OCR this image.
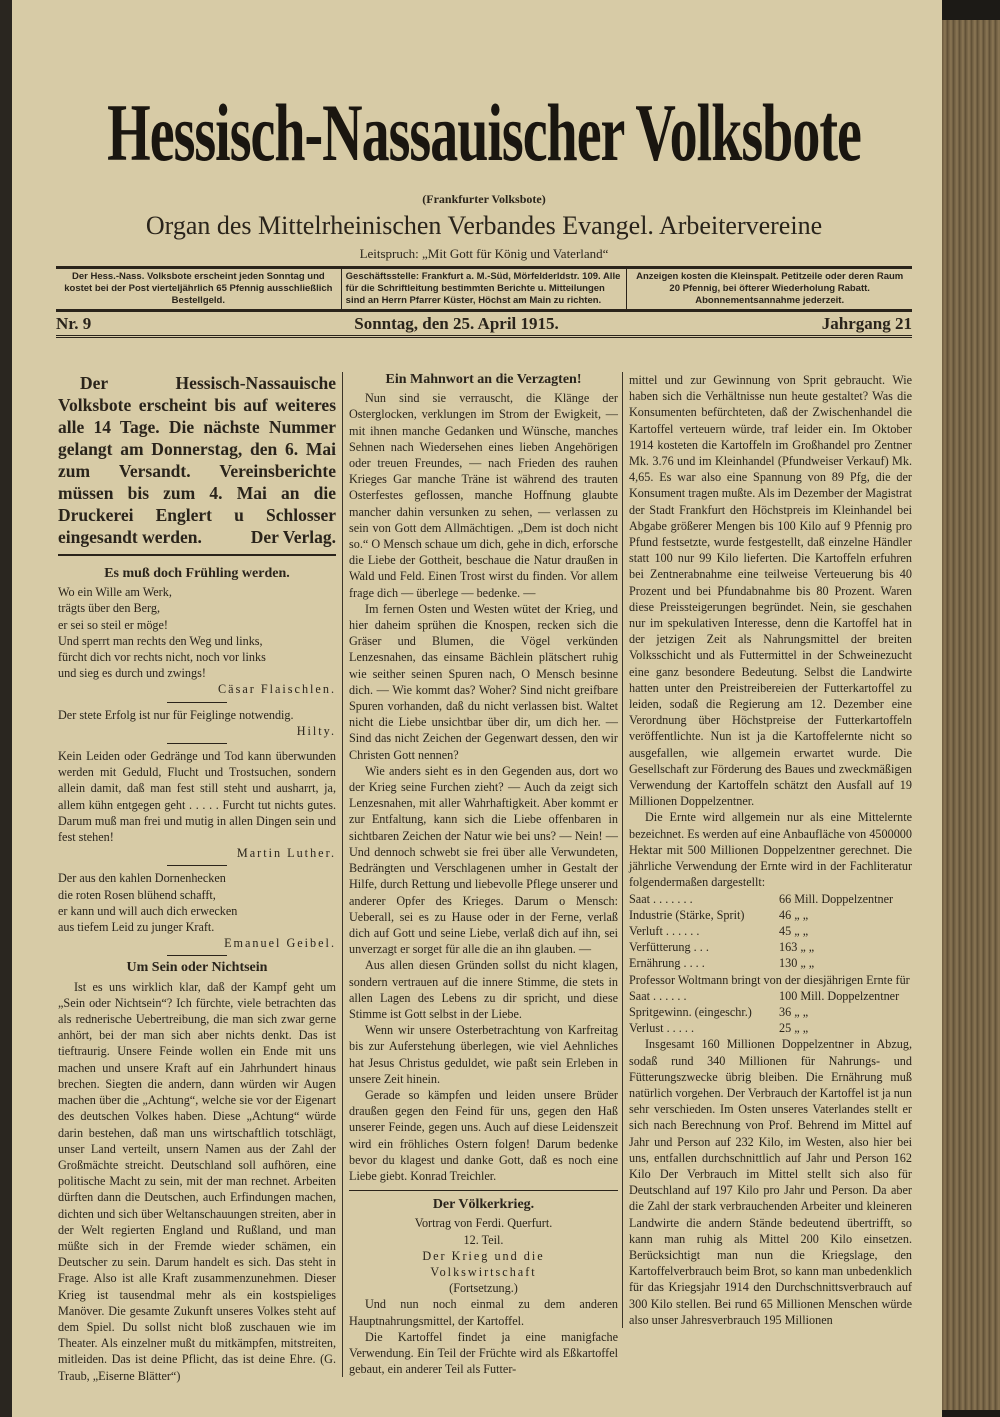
Hessisch-Nassauischer Volksbote
(Frankfurter Volksbote)
Organ des Mittelrheinischen Verbandes Evangel. Arbeitervereine
Leitspruch: „Mit Gott für König und Vaterland“
Der Hess.-Nass. Volksbote erscheint jeden Sonntag und kostet bei der Post vierteljährlich 65 Pfennig ausschließlich Bestellgeld.
Geschäftsstelle: Frankfurt a. M.-Süd, Mörfelderldstr. 109. Alle für die Schriftleitung bestimmten Berichte u. Mitteilungen sind an Herrn Pfarrer Küster, Höchst am Main zu richten.
Anzeigen kosten die Kleinspalt. Petitzeile oder deren Raum 20 Pfennig, bei öfterer Wiederholung Rabatt. Abonnementsannahme jederzeit.
Nr. 9	Sonntag, den 25. April 1915.	Jahrgang 21
Der Hessisch-Nassauische Volksbote erscheint bis auf weiteres alle 14 Tage. Die nächste Nummer gelangt am Donnerstag, den 6. Mai zum Versandt. Vereinsberichte müssen bis zum 4. Mai an die Druckerei Englert u Schlosser eingesandt werden.	Der Verlag.
Es muß doch Frühling werden.
Wo ein Wille am Werk,
trägts über den Berg,
er sei so steil er möge!
Und sperrt man rechts den Weg und links,
fürcht dich vor rechts nicht, noch vor links
und sieg es durch und zwings!
Cäsar Flaischlen.
Der stete Erfolg ist nur für Feiglinge notwendig.
Hilty.
Kein Leiden oder Gedränge und Tod kann überwunden werden mit Geduld, Flucht und Trostsuchen, sondern allein damit, daß man fest still steht und ausharrt, ja, allem kühn entgegen geht . . . . . Furcht tut nichts gutes. Darum muß man frei und mutig in allen Dingen sein und fest stehen!
Martin Luther.
Der aus den kahlen Dornenhecken
die roten Rosen blühend schafft,
er kann und will auch dich erwecken
aus tiefem Leid zu junger Kraft.
Emanuel Geibel.
Um Sein oder Nichtsein

Ist es uns wirklich klar, daß der Kampf geht um „Sein oder Nichtsein“? Ich fürchte, viele betrachten das als rednerische Uebertreibung, die man sich zwar gerne anhört, bei der man sich aber nichts denkt. Das ist tieftraurig. Unsere Feinde wollen ein Ende mit uns machen und unsere Kraft auf ein Jahrhundert hinaus brechen. Siegten die andern, dann würden wir Augen machen über die „Achtung“, welche sie vor der Eigenart des deutschen Volkes haben. Diese „Achtung“ würde darin bestehen, daß man uns wirtschaftlich totschlägt, unser Land verteilt, unsern Namen aus der Zahl der Großmächte streicht. Deutschland soll aufhören, eine politische Macht zu sein, mit der man rechnet. Arbeiten dürften dann die Deutschen, auch Erfindungen machen, dichten und sich über Weltanschauungen streiten, aber in der Welt regierten England und Rußland, und man müßte sich in der Fremde wieder schämen, ein Deutscher zu sein. Darum handelt es sich. Das steht in Frage. Also ist alle Kraft zusammenzunehmen. Dieser Krieg ist tausendmal mehr als ein kostspieliges Manöver. Die gesamte Zukunft unseres Volkes steht auf dem Spiel. Du sollst nicht bloß zuschauen wie im Theater. Als einzelner mußt du mitkämpfen, mitstreiten, mitleiden. Das ist deine Pflicht, das ist deine Ehre. (G. Traub, „Eiserne Blätter“)

Ein Mahnwort an die Verzagten!

Nun sind sie verrauscht, die Klänge der Osterglocken, verklungen im Strom der Ewigkeit, — mit ihnen manche Gedanken und Wünsche, manches Sehnen nach Wiedersehen eines lieben Angehörigen oder treuen Freundes, — nach Frieden des rauhen Krieges Gar manche Träne ist während des trauten Osterfestes geflossen, manche Hoffnung glaubte mancher dahin versunken zu sehen, — verlassen zu sein von Gott dem Allmächtigen. „Dem ist doch nicht so.“ O Mensch schaue um dich, gehe in dich, erforsche die Liebe der Gottheit, beschaue die Natur draußen in Wald und Feld. Einen Trost wirst du finden. Vor allem frage dich — überlege — bedenke. —

Im fernen Osten und Westen wütet der Krieg, und hier daheim sprühen die Knospen, recken sich die Gräser und Blumen, die Vögel verkünden Lenzesnahen, das einsame Bächlein plätschert ruhig wie seither seinen Spuren nach, O Mensch besinne dich. — Wie kommt das? Woher? Sind nicht greifbare Spuren vorhanden, daß du nicht verlassen bist. Waltet nicht die Liebe unsichtbar über dir, um dich her. — Sind das nicht Zeichen der Gegenwart dessen, den wir Christen Gott nennen?

Wie anders sieht es in den Gegenden aus, dort wo der Krieg seine Furchen zieht? — Auch da zeigt sich Lenzesnahen, mit aller Wahrhaftigkeit. Aber kommt er zur Entfaltung, kann sich die Liebe offenbaren in sichtbaren Zeichen der Natur wie bei uns? — Nein! — Und dennoch schwebt sie frei über alle Verwundeten, Bedrängten und Verschlagenen umher in Gestalt der Hilfe, durch Rettung und liebevolle Pflege unserer und anderer Opfer des Krieges. Darum o Mensch: Ueberall, sei es zu Hause oder in der Ferne, verlaß dich auf Gott und seine Liebe, verlaß dich auf ihn, sei unverzagt er sorget für alle die an ihn glauben. —

Aus allen diesen Gründen sollst du nicht klagen, sondern vertrauen auf die innere Stimme, die stets in allen Lagen des Lebens zu dir spricht, und diese Stimme ist Gott selbst in der Liebe.

Wenn wir unsere Osterbetrachtung von Karfreitag bis zur Auferstehung überlegen, wie viel Aehnliches hat Jesus Christus geduldet, wie paßt sein Erleben in unsere Zeit hinein.

Gerade so kämpfen und leiden unsere Brüder draußen gegen den Feind für uns, gegen den Haß unserer Feinde, gegen uns. Auch auf diese Leidenszeit wird ein fröhliches Ostern folgen! Darum bedenke bevor du klagest und danke Gott, daß es noch eine Liebe giebt. Konrad Treichler.

Der Völkerkrieg.
Vortrag von Ferdi. Querfurt.
12. Teil.
Der Krieg und die
Volkswirtschaft
(Fortsetzung.)

Und nun noch einmal zu dem anderen Hauptnahrungsmittel, der Kartoffel.

Die Kartoffel findet ja eine manigfache Verwendung. Ein Teil der Früchte wird als Eßkartoffel gebaut, ein anderer Teil als Futter-

mittel und zur Gewinnung von Sprit gebraucht. Wie haben sich die Verhältnisse nun heute gestaltet? Was die Konsumenten befürchteten, daß der Zwischenhandel die Kartoffel verteuern würde, traf leider ein. Im Oktober 1914 kosteten die Kartoffeln im Großhandel pro Zentner Mk. 3.76 und im Kleinhandel (Pfundweiser Verkauf) Mk. 4,65. Es war also eine Spannung von 89 Pfg, die der Konsument tragen mußte. Als im Dezember der Magistrat der Stadt Frankfurt den Höchstpreis im Kleinhandel bei Abgabe größerer Mengen bis 100 Kilo auf 9 Pfennig pro Pfund festsetzte, wurde festgestellt, daß einzelne Händler statt 100 nur 99 Kilo lieferten. Die Kartoffeln erfuhren bei Zentnerabnahme eine teilweise Verteuerung bis 40 Prozent und bei Pfundabnahme bis 80 Prozent. Waren diese Preissteigerungen begründet. Nein, sie geschahen nur im spekulativen Interesse, denn die Kartoffel hat in der jetzigen Zeit als Nahrungsmittel der breiten Volksschicht und als Futtermittel in der Schweinezucht eine ganz besondere Bedeutung. Selbst die Landwirte hatten unter den Preistreibereien der Futterkartoffel zu leiden, sodaß die Regierung am 12. Dezember eine Verordnung über Höchstpreise der Futterkartoffeln veröffentlichte. Nun ist ja die Kartoffelernte nicht so ausgefallen, wie allgemein erwartet wurde. Die Gesellschaft zur Förderung des Baues und zweckmäßigen Verwendung der Kartoffeln schätzt den Ausfall auf 19 Millionen Doppelzentner.

Die Ernte wird allgemein nur als eine Mittelernte bezeichnet. Es werden auf eine Anbaufläche von 4500000 Hektar mit 500 Millionen Doppelzentner gerechnet. Die jährliche Verwendung der Ernte wird in der Fachliteratur folgendermaßen dargestellt:

Saat . . . . . . .	66 Mill. Doppelzentner
Industrie (Stärke, Sprit)	46 „ „
Verluft . . . . . .	45 „ „
Verfütterung . . .	163 „ „
Ernährung . . . .	130 „ „
Professor Woltmann bringt von der diesjährigen Ernte für
Saat . . . . . .	100 Mill. Doppelzentner
Spritgewinn. (eingeschr.)	36 „ „
Verlust . . . . .	25 „ „

Insgesamt 160 Millionen Doppelzentner in Abzug, sodaß rund 340 Millionen für Nahrungs- und Fütterungszwecke übrig bleiben. Die Ernährung muß natürlich vorgehen. Der Verbrauch der Kartoffel ist ja nun sehr verschieden. Im Osten unseres Vaterlandes stellt er sich nach Berechnung von Prof. Behrend im Mittel auf Jahr und Person auf 232 Kilo, im Westen, also hier bei uns, entfallen durchschnittlich auf Jahr und Person 162 Kilo Der Verbrauch im Mittel stellt sich also für Deutschland auf 197 Kilo pro Jahr und Person. Da aber die Zahl der stark verbrauchenden Arbeiter und kleineren Landwirte die andern Stände bedeutend übertrifft, so kann man ruhig als Mittel 200 Kilo einsetzen. Berücksichtigt man nun die Kriegslage, den Kartoffelverbrauch beim Brot, so kann man unbedenklich für das Kriegsjahr 1914 den Durchschnittsverbrauch auf 300 Kilo stellen. Bei rund 65 Millionen Menschen würde also unser Jahresverbrauch 195 Millionen
